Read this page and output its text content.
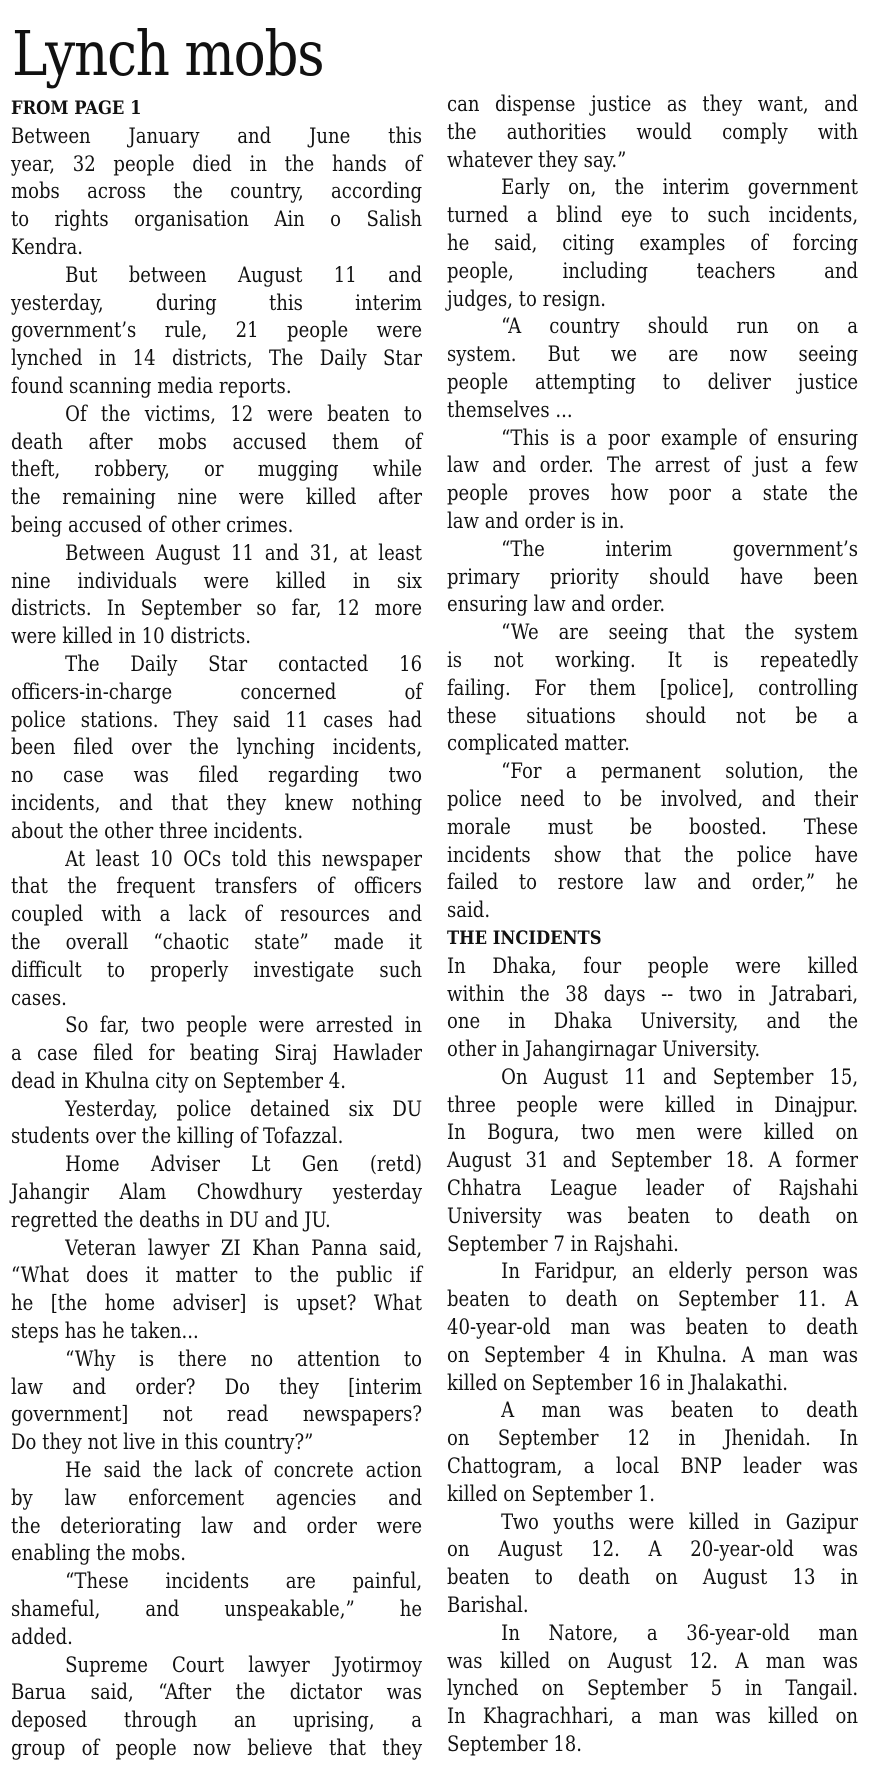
Lynch mobs
FROM PAGE 1
Between January and June this
year, 32 people died in the hands of
mobs across the country, according
to rights organisation Ain o Salish
Kendra.
But between August 11 and
yesterday, during this interim
government’s rule, 21 people were
lynched in 14 districts, The Daily Star
found scanning media reports.
Of the victims, 12 were beaten to
death after mobs accused them of
theft, robbery, or mugging while
the remaining nine were killed after
being accused of other crimes.
Between August 11 and 31, at least
nine individuals were killed in six
districts. In September so far, 12 more
were killed in 10 districts.
The Daily Star contacted 16
officers-in-charge concerned of
police stations. They said 11 cases had
been filed over the lynching incidents,
no case was filed regarding two
incidents, and that they knew nothing
about the other three incidents.
At least 10 OCs told this newspaper
that the frequent transfers of officers
coupled with a lack of resources and
the overall “chaotic state” made it
difficult to properly investigate such
cases.
So far, two people were arrested in
a case filed for beating Siraj Hawlader
dead in Khulna city on September 4.
Yesterday, police detained six DU
students over the killing of Tofazzal.
Home Adviser Lt Gen (retd)
Jahangir Alam Chowdhury yesterday
regretted the deaths in DU and JU.
Veteran lawyer ZI Khan Panna said,
“What does it matter to the public if
he [the home adviser] is upset? What
steps has he taken...
“Why is there no attention to
law and order? Do they [interim
government] not read newspapers?
Do they not live in this country?”
He said the lack of concrete action
by law enforcement agencies and
the deteriorating law and order were
enabling the mobs.
“These incidents are painful,
shameful, and unspeakable,” he
added.
Supreme Court lawyer Jyotirmoy
Barua said, “After the dictator was
deposed through an uprising, a
group of people now believe that they
can dispense justice as they want, and
the authorities would comply with
whatever they say.”
Early on, the interim government
turned a blind eye to such incidents,
he said, citing examples of forcing
people, including teachers and
judges, to resign.
“A country should run on a
system. But we are now seeing
people attempting to deliver justice
themselves ...
“This is a poor example of ensuring
law and order. The arrest of just a few
people proves how poor a state the
law and order is in.
“The interim government’s
primary priority should have been
ensuring law and order.
“We are seeing that the system
is not working. It is repeatedly
failing. For them [police], controlling
these situations should not be a
complicated matter.
“For a permanent solution, the
police need to be involved, and their
morale must be boosted. These
incidents show that the police have
failed to restore law and order,” he
said.
THE INCIDENTS
In Dhaka, four people were killed
within the 38 days -- two in Jatrabari,
one in Dhaka University, and the
other in Jahangirnagar University.
On August 11 and September 15,
three people were killed in Dinajpur.
In Bogura, two men were killed on
August 31 and September 18. A former
Chhatra League leader of Rajshahi
University was beaten to death on
September 7 in Rajshahi.
In Faridpur, an elderly person was
beaten to death on September 11. A
40-year-old man was beaten to death
on September 4 in Khulna. A man was
killed on September 16 in Jhalakathi.
A man was beaten to death
on September 12 in Jhenidah. In
Chattogram, a local BNP leader was
killed on September 1.
Two youths were killed in Gazipur
on August 12. A 20-year-old was
beaten to death on August 13 in
Barishal.
In Natore, a 36-year-old man
was killed on August 12. A man was
lynched on September 5 in Tangail.
In Khagrachhari, a man was killed on
September 18.
